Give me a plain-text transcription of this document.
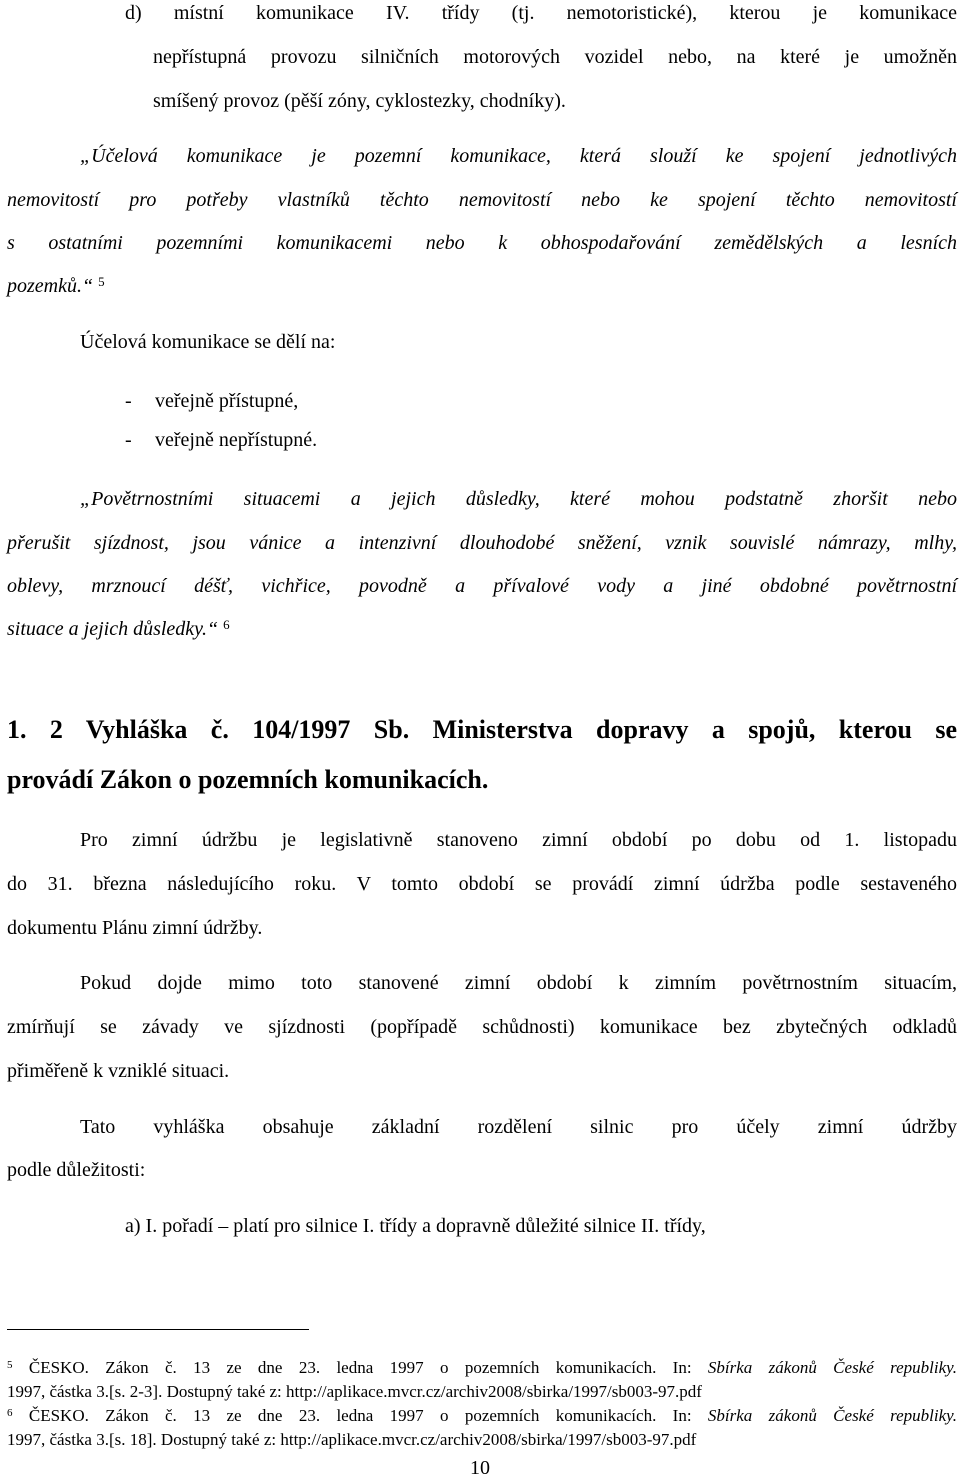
d) místní komunikace IV. třídy (tj. nemotoristické), kterou je komunikace
nepřístupná provozu silničních motorových vozidel nebo, na které je umožněn
smíšený provoz (pěší zóny, cyklostezky, chodníky).
„Účelová komunikace je pozemní komunikace, která slouží ke spojení jednotlivých
nemovitostí pro potřeby vlastníků těchto nemovitostí nebo ke spojení těchto nemovitostí
s ostatními pozemními komunikacemi nebo k obhospodařování zemědělských a lesních
pozemků.“ $^5$
Účelová komunikace se dělí na:
- veřejně přístupné,
- veřejně nepřístupné.
„Povětrnostními situacemi a jejich důsledky, které mohou podstatně zhoršit nebo
přerušit sjízdnost, jsou vánice a intenzivní dlouhodobé sněžení, vznik souvislé námrazy, mlhy,
oblevy, mrznoucí déšť, vichřice, povodně a přívalové vody a jiné obdobné povětrnostní
situace a jejich důsledky.“ $^6$
1. 2 Vyhláška č. 104/1997 Sb. Ministerstva dopravy a spojů, kterou se
provádí Zákon o pozemních komunikacích.
Pro zimní údržbu je legislativně stanoveno zimní období po dobu od 1. listopadu
do 31. března následujícího roku. V tomto období se provádí zimní údržba podle sestaveného
dokumentu Plánu zimní údržby.
Pokud dojde mimo toto stanovené zimní období k zimním povětrnostním situacím,
zmírňují se závady ve sjízdnosti (popřípadě schůdnosti) komunikace bez zbytečných odkladů
přiměřeně k vzniklé situaci.
Tato vyhláška obsahuje základní rozdělení silnic pro účely zimní údržby
podle důležitosti:
a) I. pořadí – platí pro silnice I. třídy a dopravně důležité silnice II. třídy,
$^5$ ČESKO. Zákon č. 13 ze dne 23. ledna 1997 o pozemních komunikacích. In: Sbírka zákonů České republiky.
1997, částka 3.[s. 2-3]. Dostupný také z: http://aplikace.mvcr.cz/archiv2008/sbirka/1997/sb003-97.pdf
$^6$ ČESKO. Zákon č. 13 ze dne 23. ledna 1997 o pozemních komunikacích. In: Sbírka zákonů České republiky.
1997, částka 3.[s. 18]. Dostupný také z: http://aplikace.mvcr.cz/archiv2008/sbirka/1997/sb003-97.pdf
10
